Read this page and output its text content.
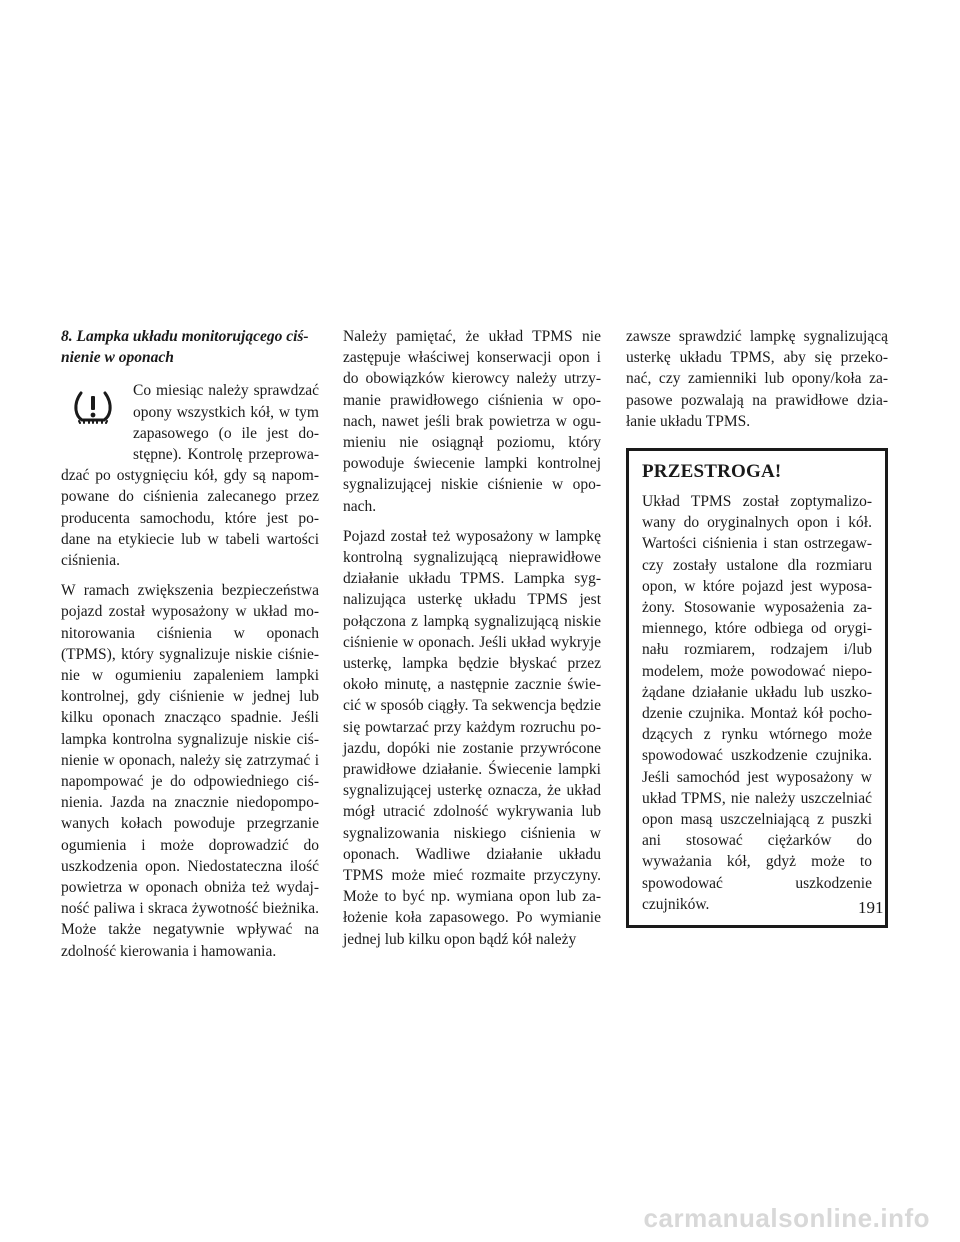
8. Lampka układu monitorującego ciś-nienie w oponach

Co miesiąc należy sprawdzać opony wszystkich kół, w tym zapasowego (o ile jest do-stępne). Kontrolę przeprowa-dzać po ostygnięciu kół, gdy są napom-powane do ciśnienia zalecanego przez producenta samochodu, które jest po-dane na etykiecie lub w tabeli wartości ciśnienia.

W ramach zwiększenia bezpieczeństwa pojazd został wyposażony w układ mo-nitorowania ciśnienia w oponach (TPMS), który sygnalizuje niskie ciśnie-nie w ogumieniu zapaleniem lampki kontrolnej, gdy ciśnienie w jednej lub kilku oponach znacząco spadnie. Jeśli lampka kontrolna sygnalizuje niskie ciś-nienie w oponach, należy się zatrzymać i napompować je do odpowiedniego ciś-nienia. Jazda na znacznie niedopompo-wanych kołach powoduje przegrzanie ogumienia i może doprowadzić do uszkodzenia opon. Niedostateczna ilość powietrza w oponach obniża też wydaj-ność paliwa i skraca żywotność bieżnika. Może także negatywnie wpływać na zdolność kierowania i hamowania.

Należy pamiętać, że układ TPMS nie zastępuje właściwej konserwacji opon i do obowiązków kierowcy należy utrzy-manie prawidłowego ciśnienia w opo-nach, nawet jeśli brak powietrza w ogu-mieniu nie osiągnął poziomu, który powoduje świecenie lampki kontrolnej sygnalizującej niskie ciśnienie w opo-nach.

Pojazd został też wyposażony w lampkę kontrolną sygnalizującą nieprawidłowe działanie układu TPMS. Lampka syg-nalizująca usterkę układu TPMS jest połączona z lampką sygnalizującą niskie ciśnienie w oponach. Jeśli układ wykryje usterkę, lampka będzie błyskać przez około minutę, a następnie zacznie świe-cić w sposób ciągły. Ta sekwencja będzie się powtarzać przy każdym rozruchu po-jazdu, dopóki nie zostanie przywrócone prawidłowe działanie. Świecenie lampki sygnalizującej usterkę oznacza, że układ mógł utracić zdolność wykrywania lub sygnalizowania niskiego ciśnienia w oponach. Wadliwe działanie układu TPMS może mieć rozmaite przyczyny. Może to być np. wymiana opon lub za-łożenie koła zapasowego. Po wymianie jednej lub kilku opon bądź kół należy

zawsze sprawdzić lampkę sygnalizującą usterkę układu TPMS, aby się przeko-nać, czy zamienniki lub opony/koła za-pasowe pozwalają na prawidłowe dzia-łanie układu TPMS.

PRZESTROGA!

Układ TPMS został zoptymalizo-wany do oryginalnych opon i kół. Wartości ciśnienia i stan ostrzegaw-czy zostały ustalone dla rozmiaru opon, w które pojazd jest wyposa-żony. Stosowanie wyposażenia za-miennego, które odbiega od orygi-nału rozmiarem, rodzajem i/lub modelem, może powodować niepo-żądane działanie układu lub uszko-dzenie czujnika. Montaż kół pocho-dzących z rynku wtórnego może spowodować uszkodzenie czujnika. Jeśli samochód jest wyposażony w układ TPMS, nie należy uszczelniać opon masą uszczelniającą z puszki ani stosować ciężarków do wyważania kół, gdyż może to spowodować uszkodzenie czujników.	191
carmanualsonline.info
